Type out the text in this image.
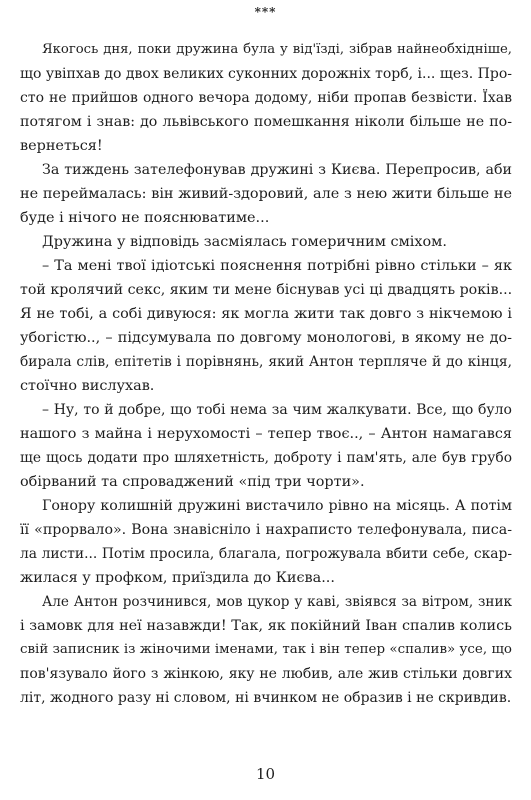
***
Якогось дня, поки дружина була у від'їзді, зібрав найнеобхідніше,
що увіпхав до двох великих суконних дорожніх торб, і... щез. Про-
сто не прийшов одного вечора додому, ніби пропав безвісти. Їхав
потягом і знав: до львівського помешкання ніколи більше не по-
вернеться!
За тиждень зателефонував дружині з Києва. Перепросив, аби
не переймалась: він живий-здоровий, але з нею жити більше не
буде і нічого не пояснюватиме...
Дружина у відповідь засміялась гомеричним сміхом.
– Та мені твої ідіотські пояснення потрібні рівно стільки – як
той кролячий секс, яким ти мене біснував усі ці двадцять років...
Я не тобі, а собі дивуюся: як могла жити так довго з нікчемою і
убогістю.., – підсумувала по довгому монологові, в якому не до-
бирала слів, епітетів і порівнянь, який Антон терпляче й до кінця,
стоїчно вислухав.
– Ну, то й добре, що тобі нема за чим жалкувати. Все, що було
нашого з майна і нерухомості – тепер твоє.., – Антон намагався
ще щось додати про шляхетність, доброту і пам'ять, але був грубо
обірваний та спроваджений «під три чорти».
Гонору колишній дружині вистачило рівно на місяць. А потім
її «прорвало». Вона знавісніло і нахраписто телефонувала, писа-
ла листи... Потім просила, благала, погрожувала вбити себе, скар-
жилася у профком, приїздила до Києва...
Але Антон розчинився, мов цукор у каві, звіявся за вітром, зник
і замовк для неї назавжди! Так, як покійний Іван спалив колись
свій записник із жіночими іменами, так і він тепер «спалив» усе, що
пов'язувало його з жінкою, яку не любив, але жив стільки довгих
літ, жодного разу ні словом, ні вчинком не образив і не скривдив.
10
